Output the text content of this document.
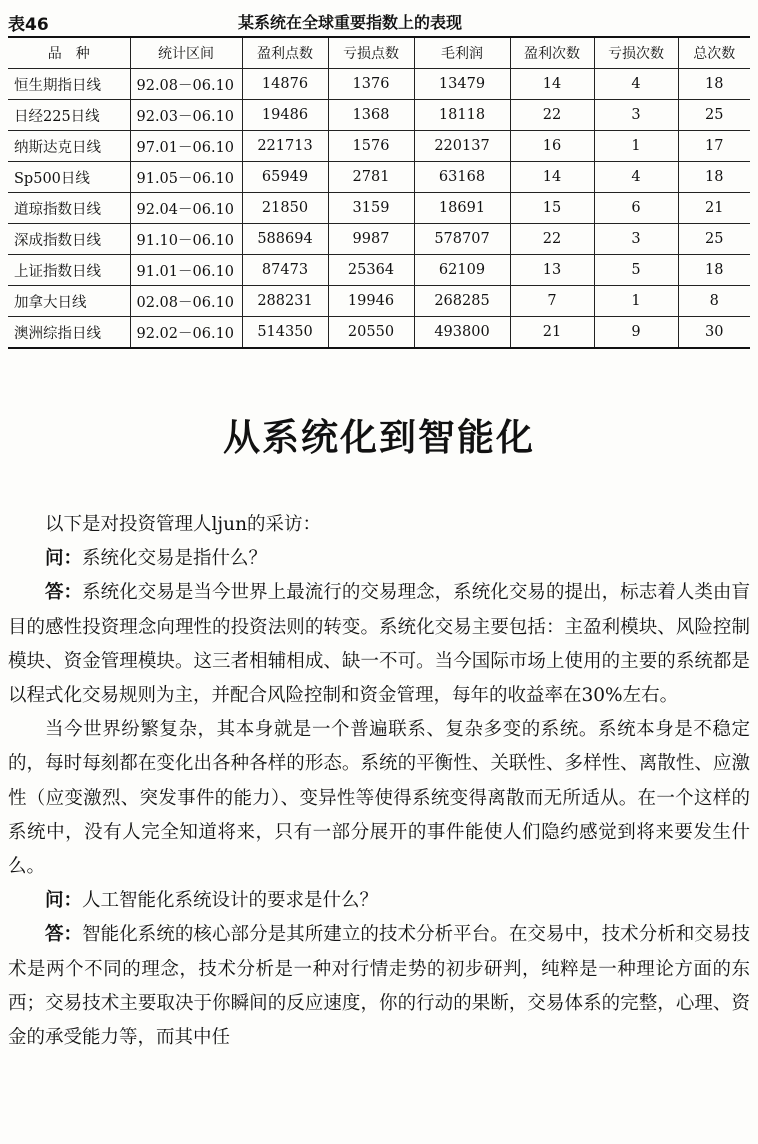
表46	某系统在全球重要指数上的表现
品　种	统计区间	盈利点数	亏损点数	毛利润	盈利次数	亏损次数	总次数
恒生期指日线	92.08－06.10	14876	1376	13479	14	4	18
日经225日线	92.03－06.10	19486	1368	18118	22	3	25
纳斯达克日线	97.01－06.10	221713	1576	220137	16	1	17
Sp500日线	91.05－06.10	65949	2781	63168	14	4	18
道琼指数日线	92.04－06.10	21850	3159	18691	15	6	21
深成指数日线	91.10－06.10	588694	9987	578707	22	3	25
上证指数日线	91.01－06.10	87473	25364	62109	13	5	18
加拿大日线	02.08－06.10	288231	19946	268285	7	1	8
澳洲综指日线	92.02－06.10	514350	20550	493800	21	9	30
从系统化到智能化

以下是对投资管理人ljun的采访：

问：系统化交易是指什么？

答：系统化交易是当今世界上最流行的交易理念，系统化交易的提出，标志着人类由盲目的感性投资理念向理性的投资法则的转变。系统化交易主要包括：主盈利模块、风险控制模块、资金管理模块。这三者相辅相成、缺一不可。当今国际市场上使用的主要的系统都是以程式化交易规则为主，并配合风险控制和资金管理，每年的收益率在30%左右。

当今世界纷繁复杂，其本身就是一个普遍联系、复杂多变的系统。系统本身是不稳定的，每时每刻都在变化出各种各样的形态。系统的平衡性、关联性、多样性、离散性、应激性（应变激烈、突发事件的能力）、变异性等使得系统变得离散而无所适从。在一个这样的系统中，没有人完全知道将来，只有一部分展开的事件能使人们隐约感觉到将来要发生什么。

问：人工智能化系统设计的要求是什么？

答：智能化系统的核心部分是其所建立的技术分析平台。在交易中，技术分析和交易技术是两个不同的理念，技术分析是一种对行情走势的初步研判，纯粹是一种理论方面的东西；交易技术主要取决于你瞬间的反应速度，你的行动的果断，交易体系的完整，心理、资金的承受能力等，而其中任
